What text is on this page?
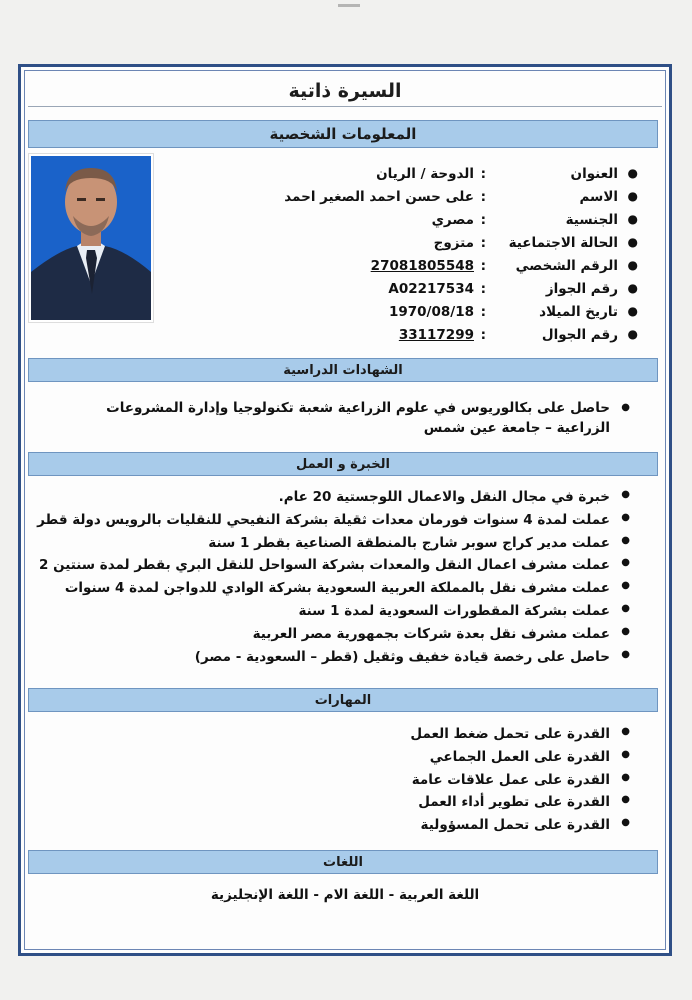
السيرة ذاتية
المعلومات الشخصية
●
العنوان
:
الدوحة / الريان
●
الاسم
:
على حسن احمد الصغير احمد
●
الجنسية
:
مصري
●
الحالة الاجتماعية
:
متزوج
●
الرقم الشخصي
:
27081805548
●
رقم الجواز
:
A02217534
●
تاريخ الميلاد
:
1970/08/18
●
رقم الجوال
:
33117299
الشهادات الدراسية
● حاصل على بكالوريوس في علوم الزراعية شعبة تكنولوجيا وإدارة المشروعات الزراعية – جامعة عين شمس
الخبرة و العمل
● خبرة في مجال النقل والاعمال اللوجستية 20 عام.
● عملت لمدة 4 سنوات فورمان معدات ثقيلة بشركة النفيحي للنقليات بالرويس دولة قطر
● عملت مدير كراج سوبر شارج بالمنطقة الصناعية بقطر 1 سنة
● عملت مشرف اعمال النقل والمعدات بشركة السواحل للنقل البري بقطر لمدة سنتين 2
● عملت مشرف نقل بالمملكة العربية السعودية بشركة الوادي للدواجن لمدة 4 سنوات
● عملت بشركة المقطورات السعودية لمدة 1 سنة
● عملت مشرف نقل بعدة شركات بجمهورية مصر العربية
● حاصل على رخصة قيادة خفيف وثقيل (قطر – السعودية - مصر)
المهارات
● القدرة على تحمل ضغط العمل
● القدرة على العمل الجماعي
● القدرة على عمل علاقات عامة
● القدرة على تطوير أداء العمل
● القدرة على تحمل المسؤولية
اللغات
اللغة العربية - اللغة الام - اللغة الإنجليزية
